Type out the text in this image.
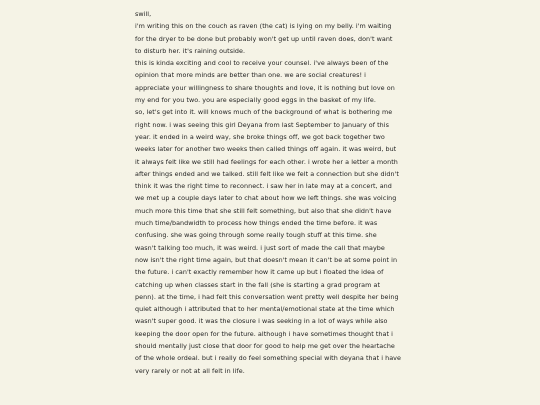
swill,
i'm writing this on the couch as raven (the cat) is lying on my belly. i'm waiting
for the dryer to be done but probably won't get up until raven does, don't want
to disturb her. it's raining outside.
this is kinda exciting and cool to receive your counsel. i've always been of the
opinion that more minds are better than one. we are social creatures! i
appreciate your willingness to share thoughts and love, it is nothing but love on
my end for you two. you are especially good eggs in the basket of my life.
so, let's get into it. will knows much of the background of what is bothering me
right now. i was seeing this girl Deyana from last September to January of this
year. it ended in a weird way, she broke things off, we got back together two
weeks later for another two weeks then called things off again. it was weird, but
it always felt like we still had feelings for each other. i wrote her a letter a month
after things ended and we talked. still felt like we felt a connection but she didn't
think it was the right time to reconnect. i saw her in late may at a concert, and
we met up a couple days later to chat about how we left things. she was voicing
much more this time that she still felt something, but also that she didn't have
much time/bandwidth to process how things ended the time before. it was
confusing. she was going through some really tough stuff at this time. she
wasn't talking too much, it was weird. i just sort of made the call that maybe
now isn't the right time again, but that doesn't mean it can't be at some point in
the future. i can't exactly remember how it came up but i floated the idea of
catching up when classes start in the fall (she is starting a grad program at
penn). at the time, i had felt this conversation went pretty well despite her being
quiet although i attributed that to her mental/emotional state at the time which
wasn't super good. it was the closure i was seeking in a lot of ways while also
keeping the door open for the future. although i have sometimes thought that i
should mentally just close that door for good to help me get over the heartache
of the whole ordeal. but i really do feel something special with deyana that i have
very rarely or not at all felt in life.
